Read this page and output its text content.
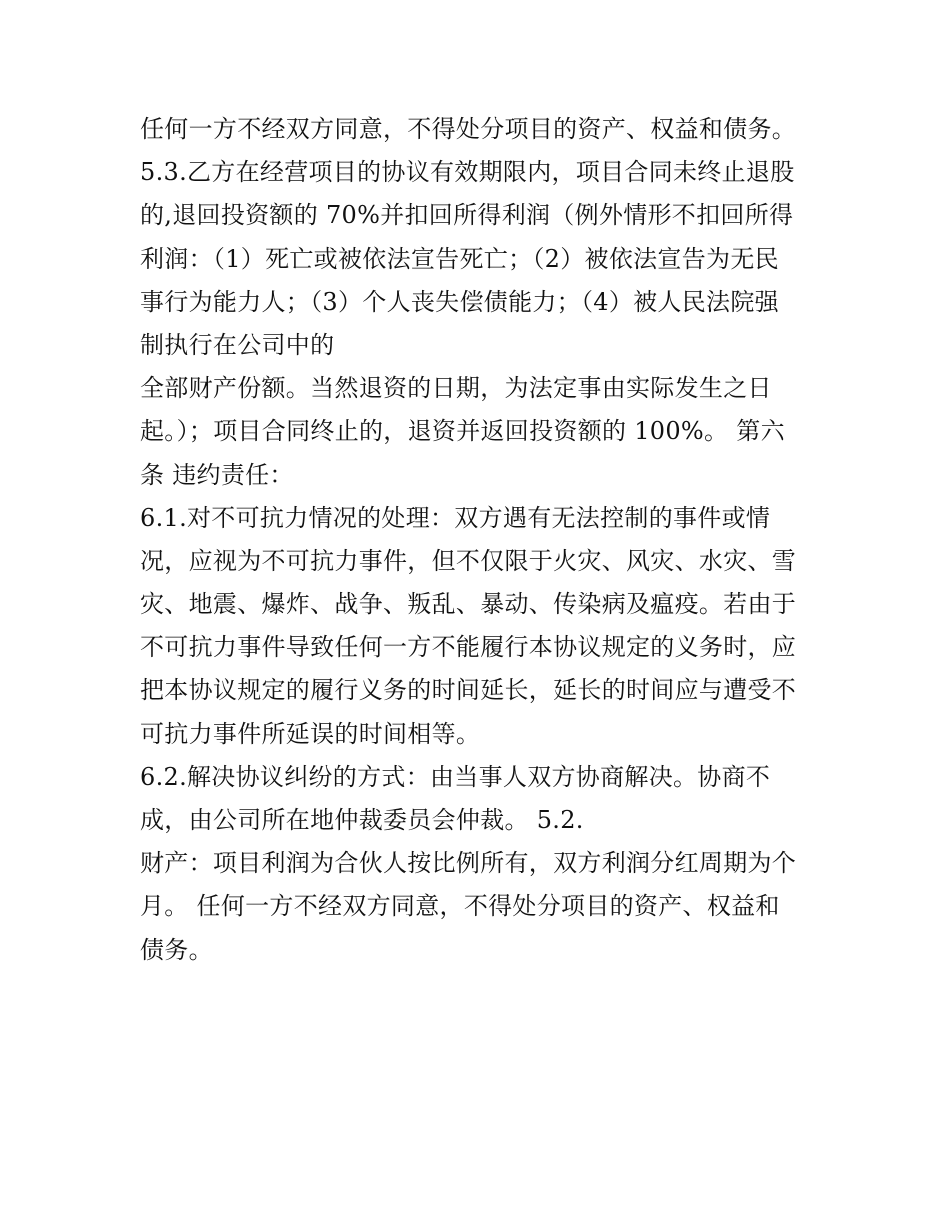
任何一方不经双方同意，不得处分项目的资产、权益和债务。
5.3.乙方在经营项目的协议有效期限内，项目合同未终止退股
的,退回投资额的 70%并扣回所得利润（例外情形不扣回所得
利润：（1）死亡或被依法宣告死亡；（2）被依法宣告为无民
事行为能力人；（3）个人丧失偿债能力；（4）被人民法院强
制执行在公司中的
全部财产份额。当然退资的日期，为法定事由实际发生之日
起。）；项目合同终止的，退资并返回投资额的 100%。 第六
条 违约责任：
6.1.对不可抗力情况的处理：双方遇有无法控制的事件或情
况，应视为不可抗力事件，但不仅限于火灾、风灾、水灾、雪
灾、地震、爆炸、战争、叛乱、暴动、传染病及瘟疫。若由于
不可抗力事件导致任何一方不能履行本协议规定的义务时，应
把本协议规定的履行义务的时间延长，延长的时间应与遭受不
可抗力事件所延误的时间相等。
6.2.解决协议纠纷的方式：由当事人双方协商解决。协商不
成，由公司所在地仲裁委员会仲裁。 5.2.
财产：项目利润为合伙人按比例所有，双方利润分红周期为个
月。 任何一方不经双方同意，不得处分项目的资产、权益和
债务。
